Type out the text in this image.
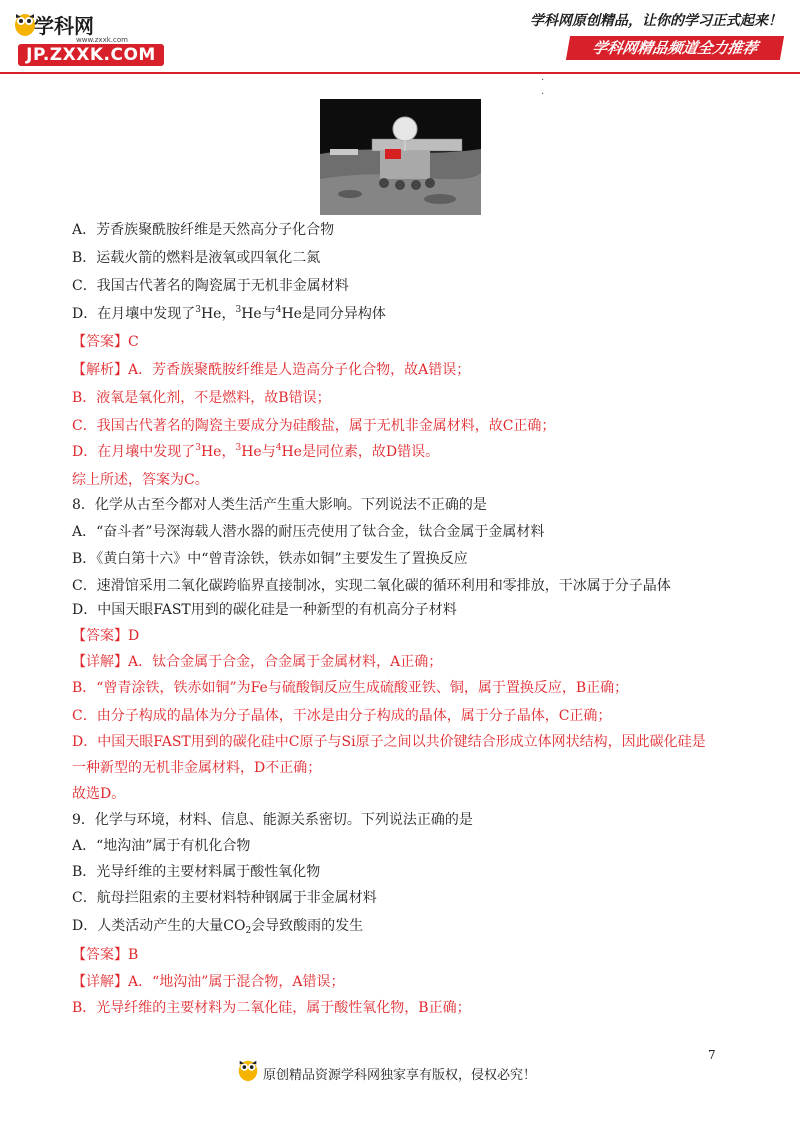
学科网
www.zxxk.com
JP.ZXXK.COM
学科网原创精品，让你的学习正式起来！
学科网精品频道全力推荐
·
·
A．芳香族聚酰胺纤维是天然高分子化合物
B．运载火箭的燃料是液氧或四氧化二氮
C．我国古代著名的陶瓷属于无机非金属材料
D．在月壤中发现了$^3$He，$^3$He与$^4$He是同分异构体
【答案】C
【解析】A．芳香族聚酰胺纤维是人造高分子化合物，故A错误；
B．液氧是氧化剂，不是燃料，故B错误；
C．我国古代著名的陶瓷主要成分为硅酸盐，属于无机非金属材料，故C正确；
D．在月壤中发现了$^3$He，$^3$He与$^4$He是同位素，故D错误。
综上所述，答案为C。
8．化学从古至今都对人类生活产生重大影响。下列说法不正确的是
A．“奋斗者”号深海载人潜水器的耐压壳使用了钛合金，钛合金属于金属材料
B．《黄白第十六》中“曾青涂铁，铁赤如铜”主要发生了置换反应
C．速滑馆采用二氧化碳跨临界直接制冰，实现二氧化碳的循环利用和零排放，干冰属于分子晶体
D．中国天眼FAST用到的碳化硅是一种新型的有机高分子材料
【答案】D
【详解】A．钛合金属于合金，合金属于金属材料，A正确；
B．“曾青涂铁，铁赤如铜”为Fe与硫酸铜反应生成硫酸亚铁、铜，属于置换反应，B正确；
C．由分子构成的晶体为分子晶体，干冰是由分子构成的晶体，属于分子晶体，C正确；
D．中国天眼FAST用到的碳化硅中C原子与Si原子之间以共价键结合形成立体网状结构，因此碳化硅是
一种新型的无机非金属材料，D不正确；
故选D。
9．化学与环境，材料、信息、能源关系密切。下列说法正确的是
A．“地沟油”属于有机化合物
B．光导纤维的主要材料属于酸性氧化物
C．航母拦阻索的主要材料特种钢属于非金属材料
D．人类活动产生的大量$CO_2$会导致酸雨的发生
【答案】B
【详解】A．“地沟油”属于混合物，A错误；
B．光导纤维的主要材料为二氧化硅，属于酸性氧化物，B正确；
原创精品资源学科网独家享有版权，侵权必究！
7
